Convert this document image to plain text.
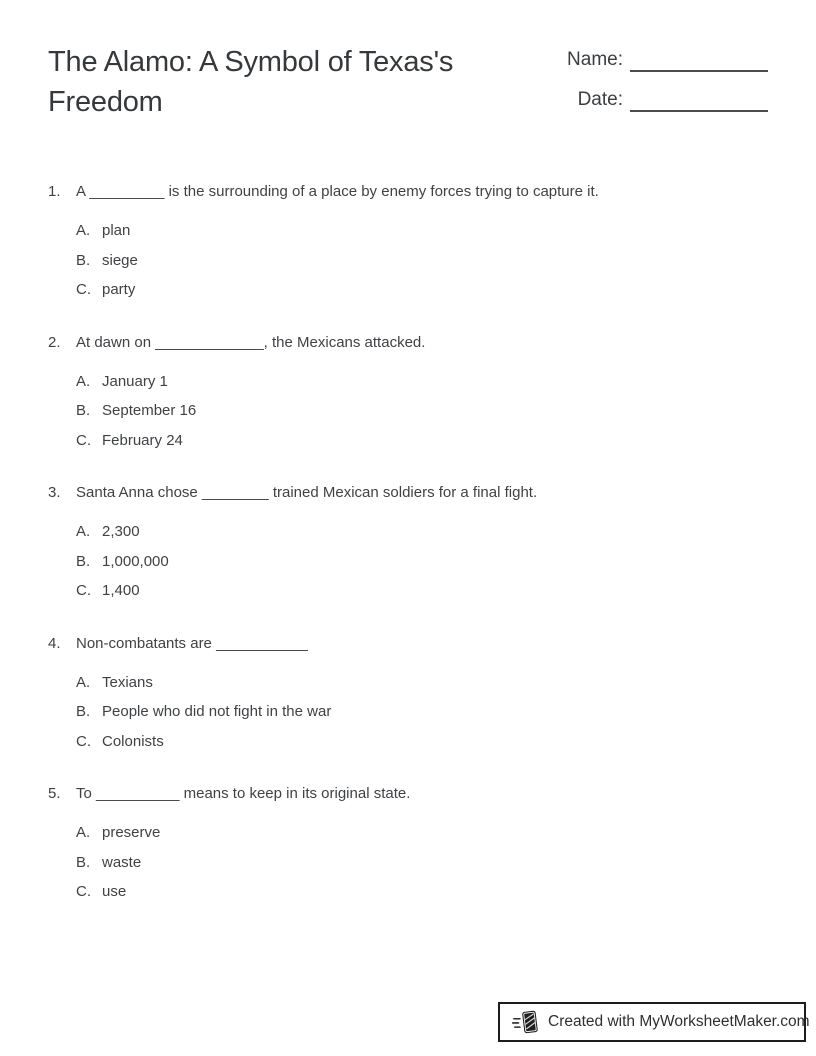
The Alamo: A Symbol of Texas's Freedom
Name:
Date:
1.	A _________ is the surrounding of a place by enemy forces trying to capture it.
A. plan
B. siege
C. party
2.	At dawn on _____________, the Mexicans attacked.
A. January 1
B. September 16
C. February 24
3.	Santa Anna chose ________ trained Mexican soldiers for a final fight.
A. 2,300
B. 1,000,000
C. 1,400
4.	Non-combatants are ___________
A. Texians
B. People who did not fight in the war
C. Colonists
5.	To __________ means to keep in its original state.
A. preserve
B. waste
C. use
Created with MyWorksheetMaker.com
